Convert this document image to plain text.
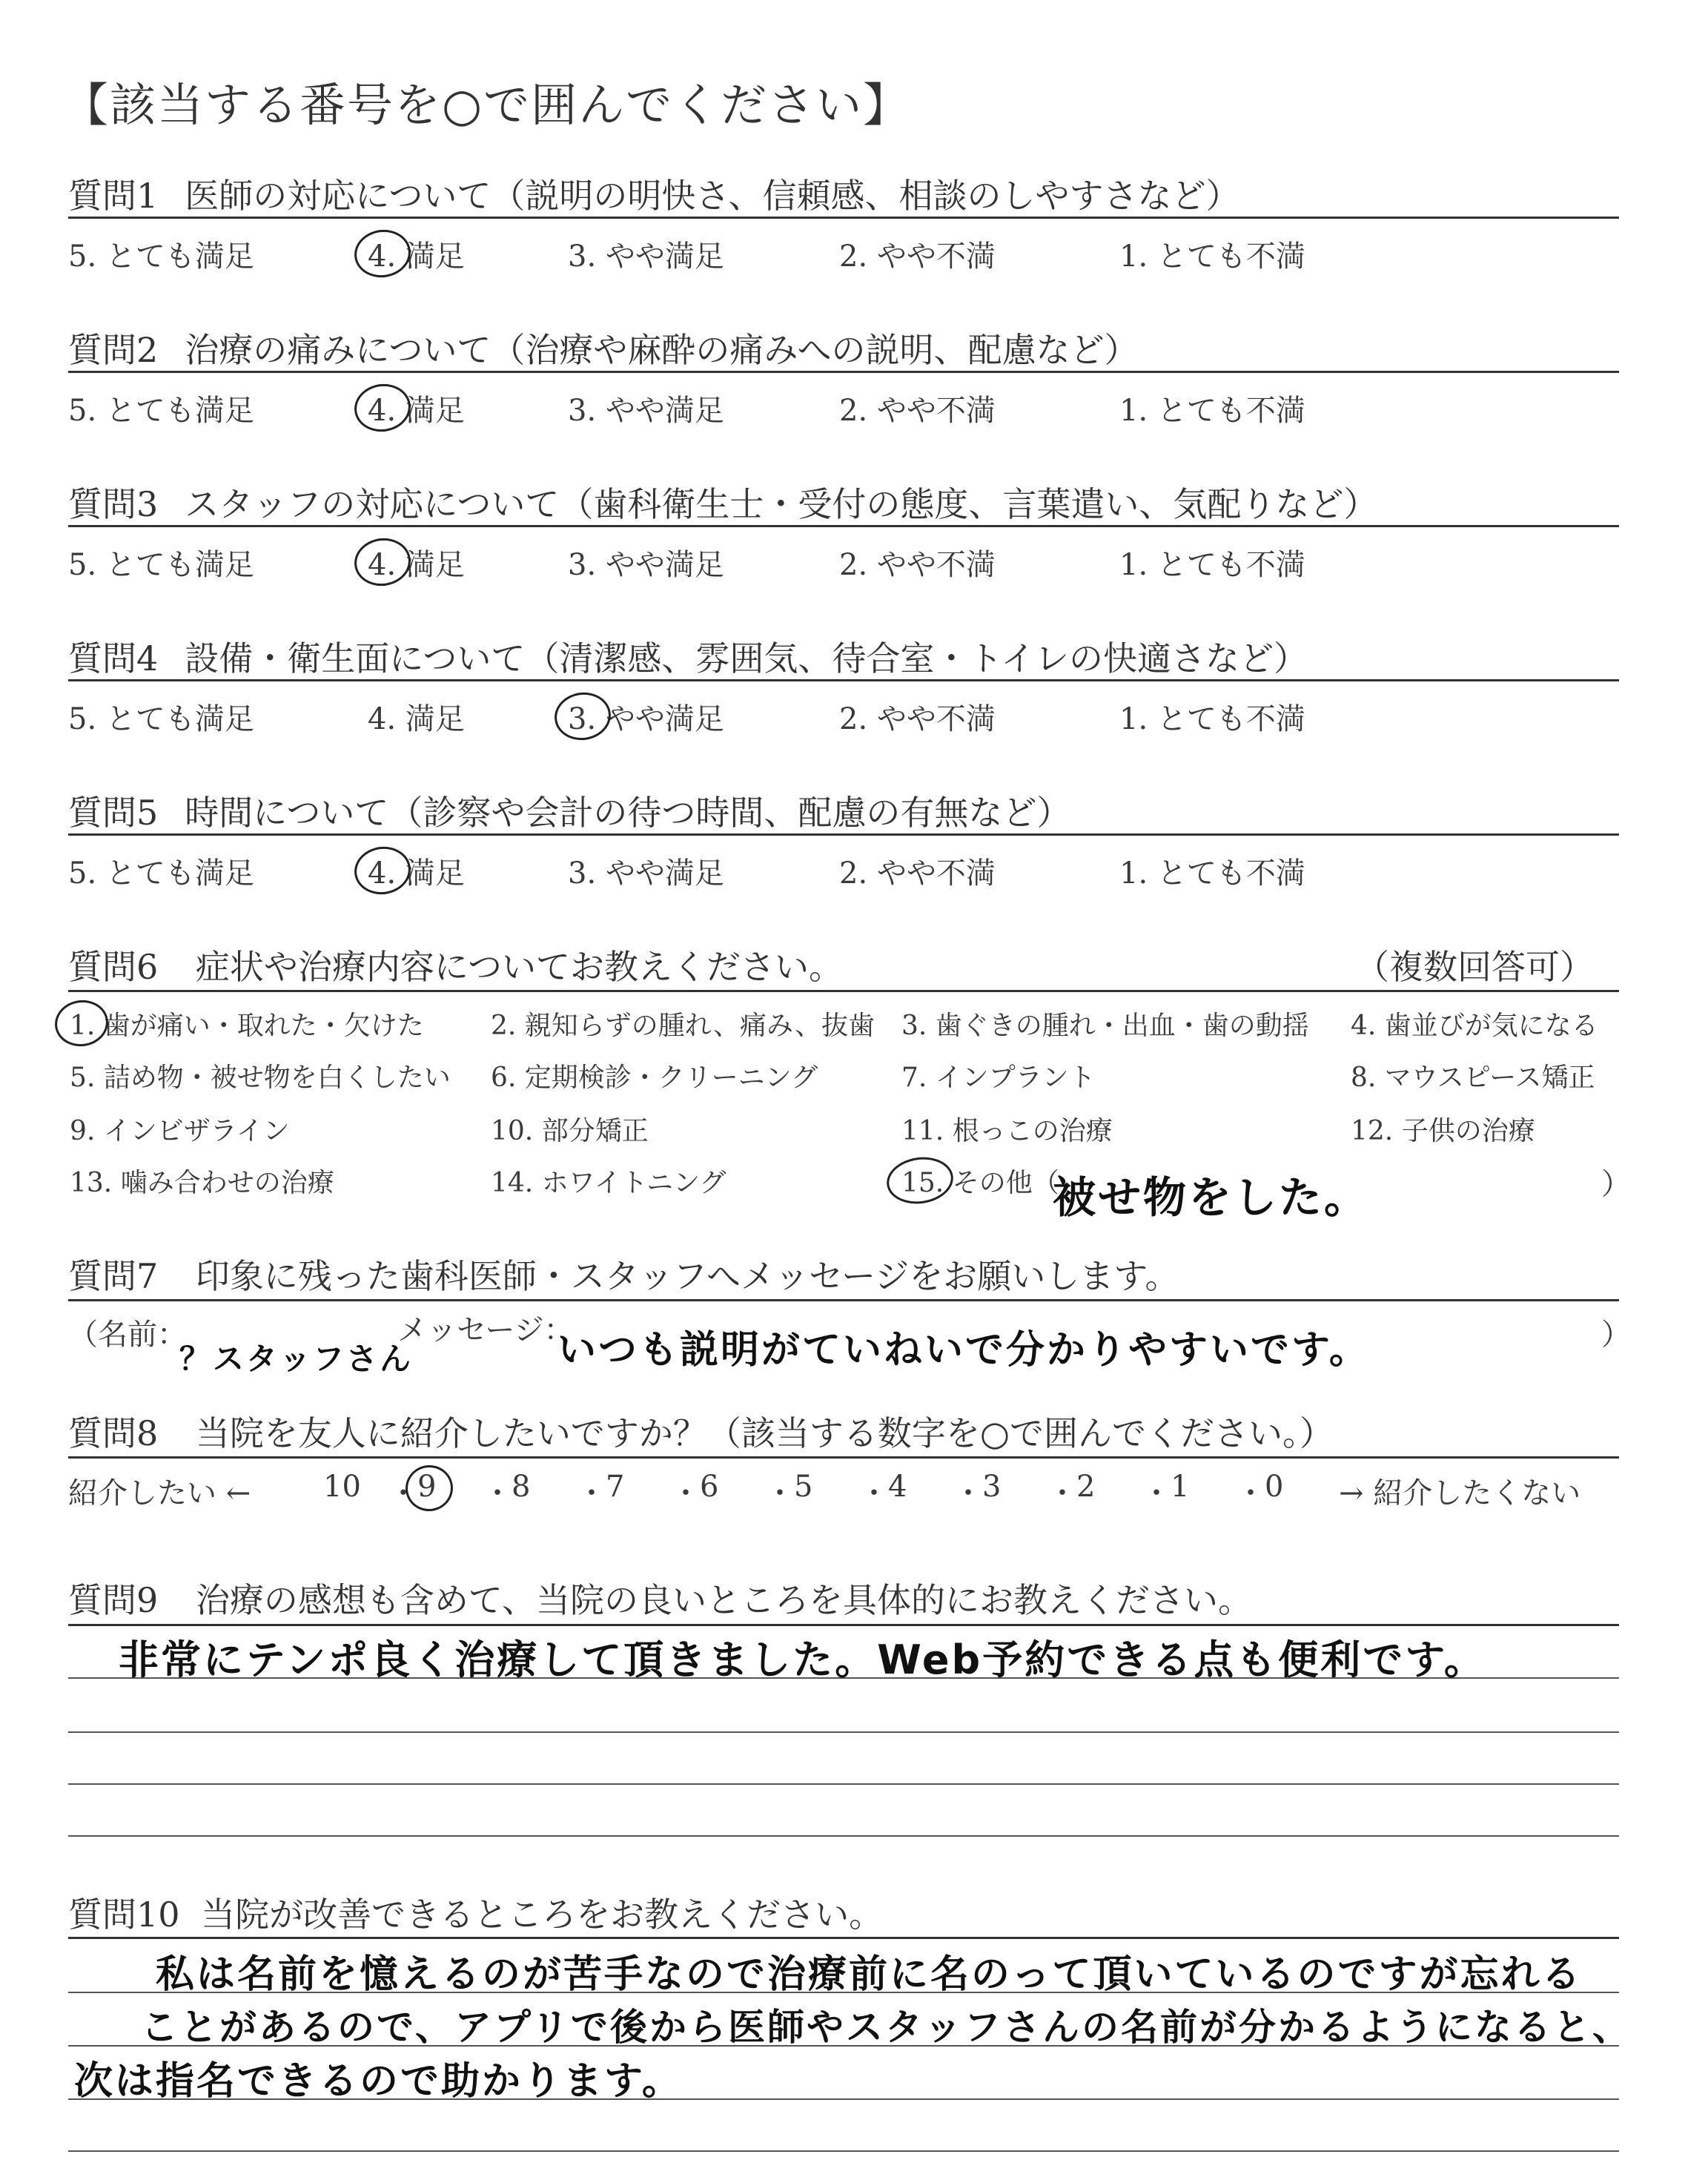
【該当する番号を○で囲んでください】
質問1 医師の対応について（説明の明快さ、信頼感、相談のしやすさなど）
5. とても満足	4. 満足	3. やや満足	2. やや不満	1. とても不満
質問2 治療の痛みについて（治療や麻酔の痛みへの説明、配慮など）
5. とても満足	4. 満足	3. やや満足	2. やや不満	1. とても不満
質問3 スタッフの対応について（歯科衛生士・受付の態度、言葉遣い、気配りなど）
5. とても満足	4. 満足	3. やや満足	2. やや不満	1. とても不満
質問4 設備・衛生面について（清潔感、雰囲気、待合室・トイレの快適さなど）
5. とても満足	4. 満足	3. やや満足	2. やや不満	1. とても不満
質問5 時間について（診察や会計の待つ時間、配慮の有無など）
5. とても満足	4. 満足	3. やや満足	2. やや不満	1. とても不満
質問6 症状や治療内容についてお教えください。	（複数回答可）
1. 歯が痛い・取れた・欠けた	2. 親知らずの腫れ、痛み、抜歯 3. 歯ぐきの腫れ・出血・歯の動揺 4. 歯並びが気になる
5. 詰め物・被せ物を白くしたい 6. 定期検診・クリーニング	7. インプラント	8. マウスピース矯正
9. インビザライン	10. 部分矯正	11. 根っこの治療	12. 子供の治療
13. 噛み合わせの治療	14. ホワイトニング	15. その他（	）
被せ物をした。
質問7 印象に残った歯科医師・スタッフへメッセージをお願いします。
（名前：
？スタッフさん
メッセージ：
いつも説明がていねいで分かりやすいです。	）
質問8 当院を友人に紹介したいですか？（該当する数字を○で囲んでください。）
紹介したい ← 10 ・ 9 ・ 8 ・ 7 ・ 6 ・ 5 ・ 4 ・ 3 ・ 2 ・ 1 ・ 0 → 紹介したくない
質問9 治療の感想も含めて、当院の良いところを具体的にお教えください。
非常にテンポ良く治療して頂きました。Web予約できる点も便利です。
質問10 当院が改善できるところをお教えください。
私は名前を憶えるのが苦手なので治療前に名のって頂いているのですが忘れる
ことがあるので、アプリで後から医師やスタッフさんの名前が分かるようになると、
次は指名できるので助かります。
